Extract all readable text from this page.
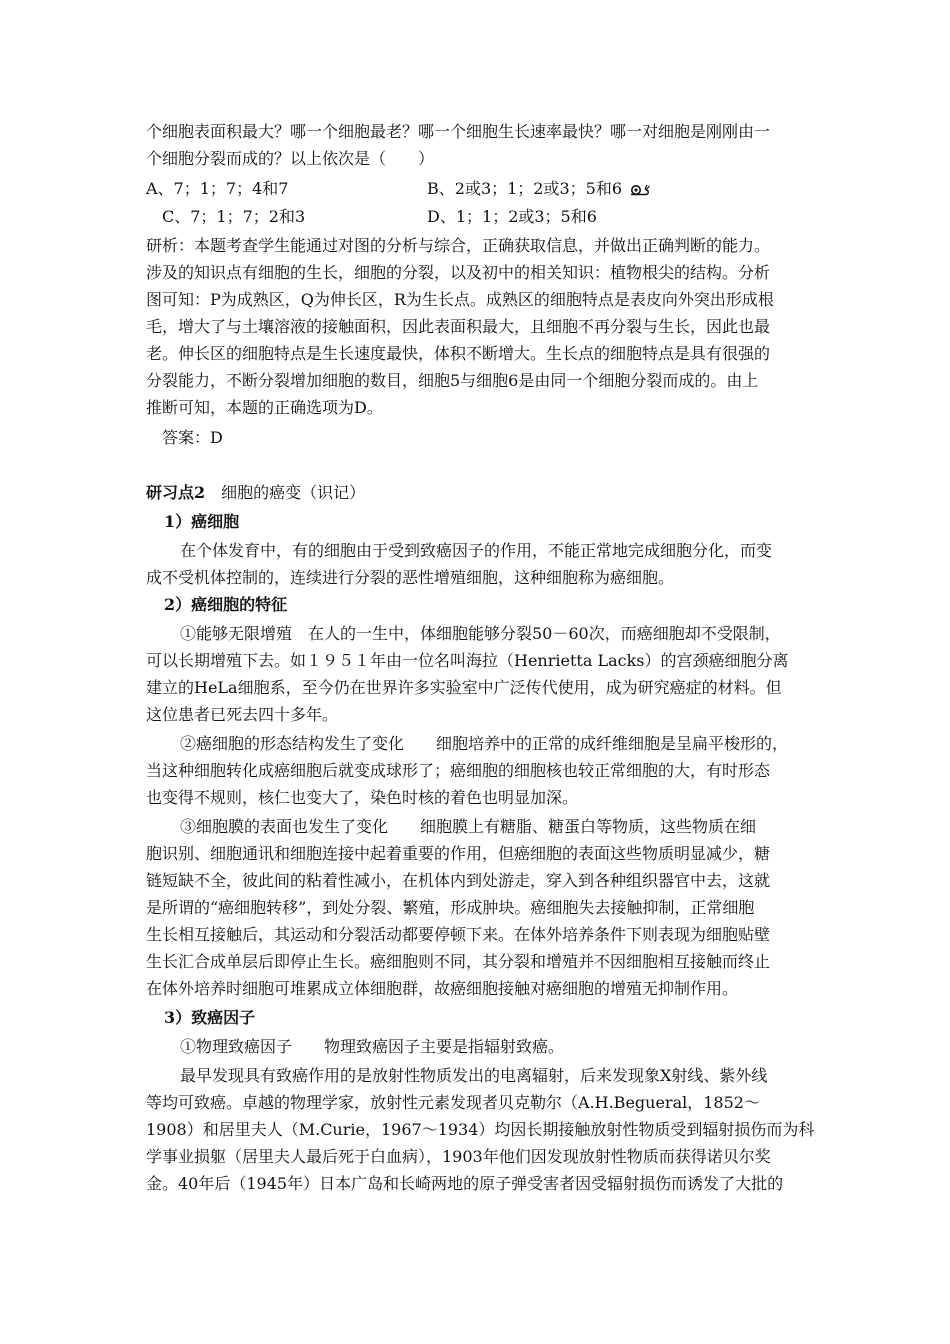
个细胞表面积最大？哪一个细胞最老？哪一个细胞生长速率最快？哪一对细胞是刚刚由一
个细胞分裂而成的？以上依次是（　　）
A、7；1；7；4和7	B、2或3；1；2或3；5和6
C、7；1；7；2和3	D、1；1；2或3；5和6
研析：本题考查学生能通过对图的分析与综合，正确获取信息，并做出正确判断的能力。
涉及的知识点有细胞的生长，细胞的分裂，以及初中的相关知识：植物根尖的结构。分析
图可知：P为成熟区，Q为伸长区，R为生长点。成熟区的细胞特点是表皮向外突出形成根
毛，增大了与土壤溶液的接触面积，因此表面积最大，且细胞不再分裂与生长，因此也最
老。伸长区的细胞特点是生长速度最快，体积不断增大。生长点的细胞特点是具有很强的
分裂能力，不断分裂增加细胞的数目，细胞5与细胞6是由同一个细胞分裂而成的。由上
推断可知，本题的正确选项为D。
答案：D
研习点2　细胞的癌变（识记）
1）癌细胞
在个体发育中，有的细胞由于受到致癌因子的作用，不能正常地完成细胞分化，而变
成不受机体控制的，连续进行分裂的恶性增殖细胞，这种细胞称为癌细胞。
2）癌细胞的特征
①能够无限增殖　在人的一生中，体细胞能够分裂50－60次，而癌细胞却不受限制，
可以长期增殖下去。如１９５１年由一位名叫海拉（Henrietta Lacks）的宫颈癌细胞分离
建立的HeLa细胞系，至今仍在世界许多实验室中广泛传代使用，成为研究癌症的材料。但
这位患者已死去四十多年。
②癌细胞的形态结构发生了变化　　细胞培养中的正常的成纤维细胞是呈扁平梭形的，
当这种细胞转化成癌细胞后就变成球形了；癌细胞的细胞核也较正常细胞的大，有时形态
也变得不规则，核仁也变大了，染色时核的着色也明显加深。
③细胞膜的表面也发生了变化　　细胞膜上有糖脂、糖蛋白等物质，这些物质在细
胞识别、细胞通讯和细胞连接中起着重要的作用，但癌细胞的表面这些物质明显减少，糖
链短缺不全，彼此间的粘着性减小，在机体内到处游走，穿入到各种组织器官中去，这就
是所谓的“癌细胞转移”，到处分裂、繁殖，形成肿块。癌细胞失去接触抑制，正常细胞
生长相互接触后，其运动和分裂活动都要停顿下来。在体外培养条件下则表现为细胞贴壁
生长汇合成单层后即停止生长。癌细胞则不同，其分裂和增殖并不因细胞相互接触而终止
在体外培养时细胞可堆累成立体细胞群，故癌细胞接触对癌细胞的增殖无抑制作用。
3）致癌因子
①物理致癌因子　　物理致癌因子主要是指辐射致癌。
最早发现具有致癌作用的是放射性物质发出的电离辐射，后来发现象X射线、紫外线
等均可致癌。卓越的物理学家，放射性元素发现者贝克勒尔（A.H.Begueral，1852～
1908）和居里夫人（M.Curie，1967～1934）均因长期接触放射性物质受到辐射损伤而为科
学事业损躯（居里夫人最后死于白血病），1903年他们因发现放射性物质而获得诺贝尔奖
金。40年后（1945年）日本广岛和长崎两地的原子弹受害者因受辐射损伤而诱发了大批的
